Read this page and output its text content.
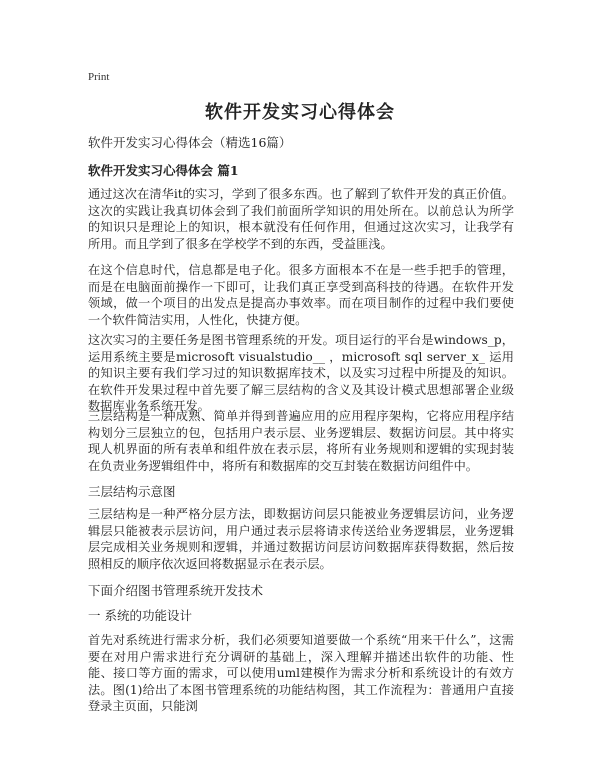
Print
软件开发实习心得体会
软件开发实习心得体会（精选16篇）
软件开发实习心得体会 篇1
通过这次在清华it的实习，学到了很多东西。也了解到了软件开发的真正价值。这次的实践让我真切体会到了我们前面所学知识的用处所在。以前总认为所学的知识只是理论上的知识，根本就没有任何作用，但通过这次实习，让我学有所用。而且学到了很多在学校学不到的东西，受益匪浅。
在这个信息时代，信息都是电子化。很多方面根本不在是一些手把手的管理，而是在电脑面前操作一下即可，让我们真正享受到高科技的待遇。在软件开发领域，做一个项目的出发点是提高办事效率。而在项目制作的过程中我们要使一个软件简洁实用，人性化，快捷方便。
这次实习的主要任务是图书管理系统的开发。项目运行的平台是windows_p，运用系统主要是microsoft visualstudio__ ，microsoft sql server_x_ 运用的知识主要有我们学习过的知识数据库技术，以及实习过程中所提及的知识。在软件开发果过程中首先要了解三层结构的含义及其设计模式思想部署企业级数据库业务系统开发。
三层结构是一种成熟、简单并得到普遍应用的应用程序架构，它将应用程序结构划分三层独立的包，包括用户表示层、业务逻辑层、数据访问层。其中将实现人机界面的所有表单和组件放在表示层，将所有业务规则和逻辑的实现封装在负责业务逻辑组件中，将所有和数据库的交互封装在数据访问组件中。
三层结构示意图
三层结构是一种严格分层方法，即数据访问层只能被业务逻辑层访问，业务逻辑层只能被表示层访问，用户通过表示层将请求传送给业务逻辑层，业务逻辑层完成相关业务规则和逻辑，并通过数据访问层访问数据库获得数据，然后按照相反的顺序依次返回将数据显示在表示层。
下面介绍图书管理系统开发技术
一 系统的功能设计
首先对系统进行需求分析，我们必须要知道要做一个系统“用来干什么”，这需要在对用户需求进行充分调研的基础上，深入理解并描述出软件的功能、性能、接口等方面的需求，可以使用uml建模作为需求分析和系统设计的有效方法。图(1)给出了本图书管理系统的功能结构图，其工作流程为：普通用户直接登录主页面，只能浏
